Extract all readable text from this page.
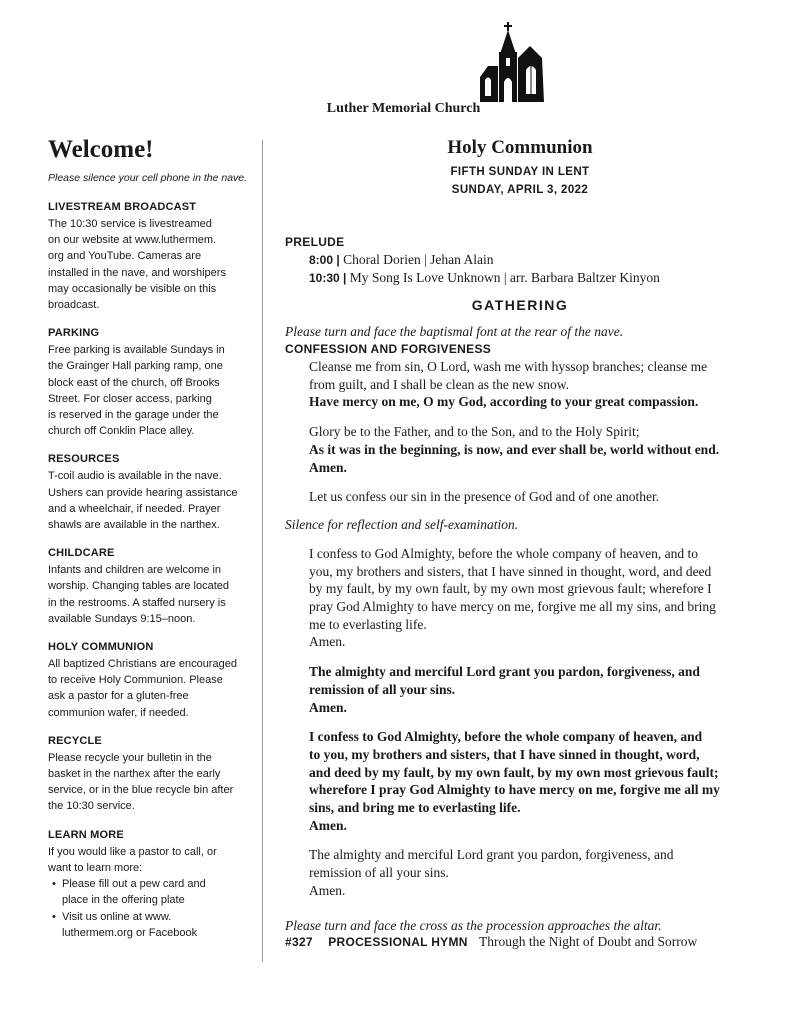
Luther Memorial Church
Welcome!

Please silence your cell phone in the nave.

LIVESTREAM BROADCAST

The 10:30 service is livestreamed
on our website at www.luthermem.
org and YouTube. Cameras are
installed in the nave, and worshipers
may occasionally be visible on this
broadcast.

PARKING

Free parking is available Sundays in
the Grainger Hall parking ramp, one
block east of the church, off Brooks
Street. For closer access, parking
is reserved in the garage under the
church off Conklin Place alley.

RESOURCES

T-coil audio is available in the nave.
Ushers can provide hearing assistance
and a wheelchair, if needed. Prayer
shawls are available in the narthex.

CHILDCARE

Infants and children are welcome in
worship. Changing tables are located
in the restrooms. A staffed nursery is
available Sundays 9:15–noon.

HOLY COMMUNION

All baptized Christians are encouraged
to receive Holy Communion. Please
ask a pastor for a gluten-free
communion wafer, if needed.

RECYCLE

Please recycle your bulletin in the
basket in the narthex after the early
service, or in the blue recycle bin after
the 10:30 service.

LEARN MORE

If you would like a pastor to call, or
want to learn more:

• Please fill out a pew card and
place in the offering plate
• Visit us online at www.
luthermem.org or Facebook
Holy Communion

FIFTH SUNDAY IN LENT

SUNDAY, APRIL 3, 2022

PRELUDE

8:00 | Choral Dorien | Jehan Alain
10:30 | My Song Is Love Unknown | arr. Barbara Baltzer Kinyon

GATHERING

Please turn and face the baptismal font at the rear of the nave.

CONFESSION AND FORGIVENESS

Cleanse me from sin, O Lord, wash me with hyssop branches; cleanse me
from guilt, and I shall be clean as the new snow.
Have mercy on me, O my God, according to your great compassion.
Glory be to the Father, and to the Son, and to the Holy Spirit;
As it was in the beginning, is now, and ever shall be, world without end.
Amen.
Let us confess our sin in the presence of God and of one another.

Silence for reflection and self-examination.

I confess to God Almighty, before the whole company of heaven, and to
you, my brothers and sisters, that I have sinned in thought, word, and deed
by my fault, by my own fault, by my own most grievous fault; wherefore I
pray God Almighty to have mercy on me, forgive me all my sins, and bring
me to everlasting life.
Amen.
The almighty and merciful Lord grant you pardon, forgiveness, and
remission of all your sins.
Amen.
I confess to God Almighty, before the whole company of heaven, and
to you, my brothers and sisters, that I have sinned in thought, word,
and deed by my fault, by my own fault, by my own most grievous fault;
wherefore I pray God Almighty to have mercy on me, forgive me all my
sins, and bring me to everlasting life.
Amen.
The almighty and merciful Lord grant you pardon, forgiveness, and
remission of all your sins.
Amen.

Please turn and face the cross as the procession approaches the altar.

#327 PROCESSIONAL HYMN Through the Night of Doubt and Sorrow
